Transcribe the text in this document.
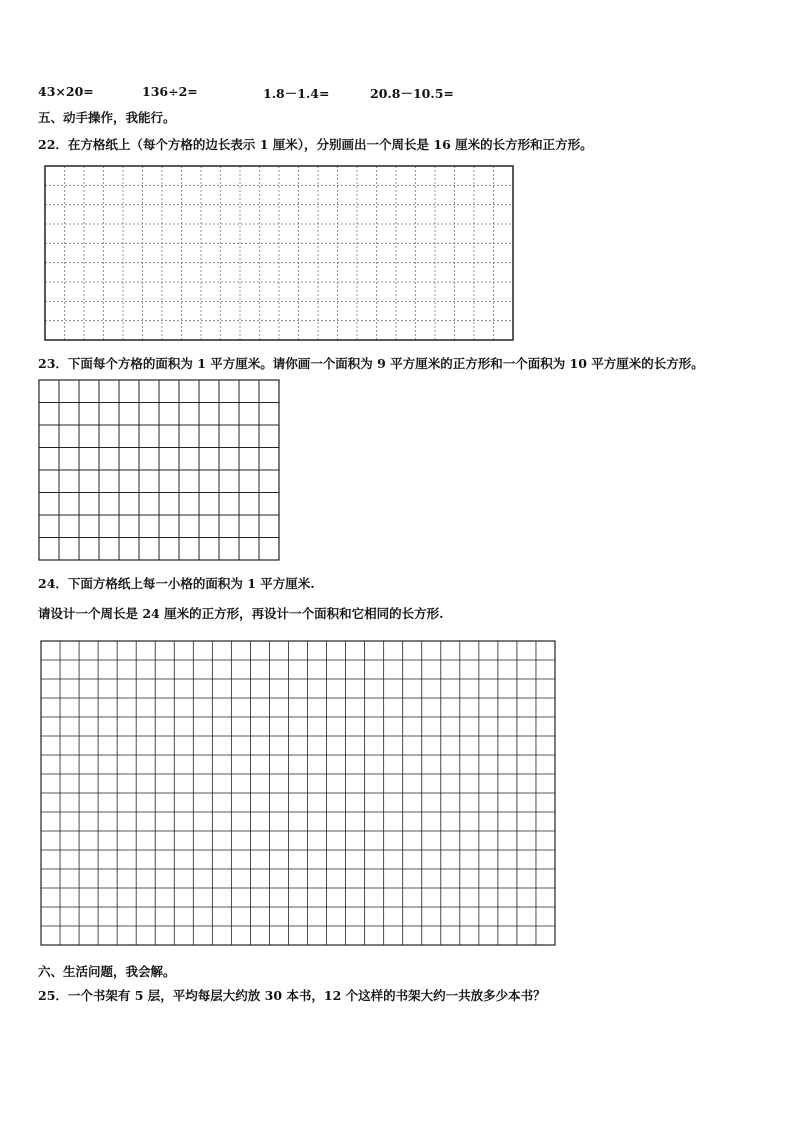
43×20=	136÷2=	1.8－1.4=	20.8－10.5=
五、动手操作，我能行。
22．在方格纸上（每个方格的边长表示 1 厘米），分别画出一个周长是 16 厘米的长方形和正方形。
23．下面每个方格的面积为 1 平方厘米。请你画一个面积为 9 平方厘米的正方形和一个面积为 10 平方厘米的长方形。
24．下面方格纸上每一小格的面积为 1 平方厘米.
请设计一个周长是 24 厘米的正方形，再设计一个面积和它相同的长方形.
六、生活问题，我会解。
25．一个书架有 5 层，平均每层大约放 30 本书，12 个这样的书架大约一共放多少本书？
